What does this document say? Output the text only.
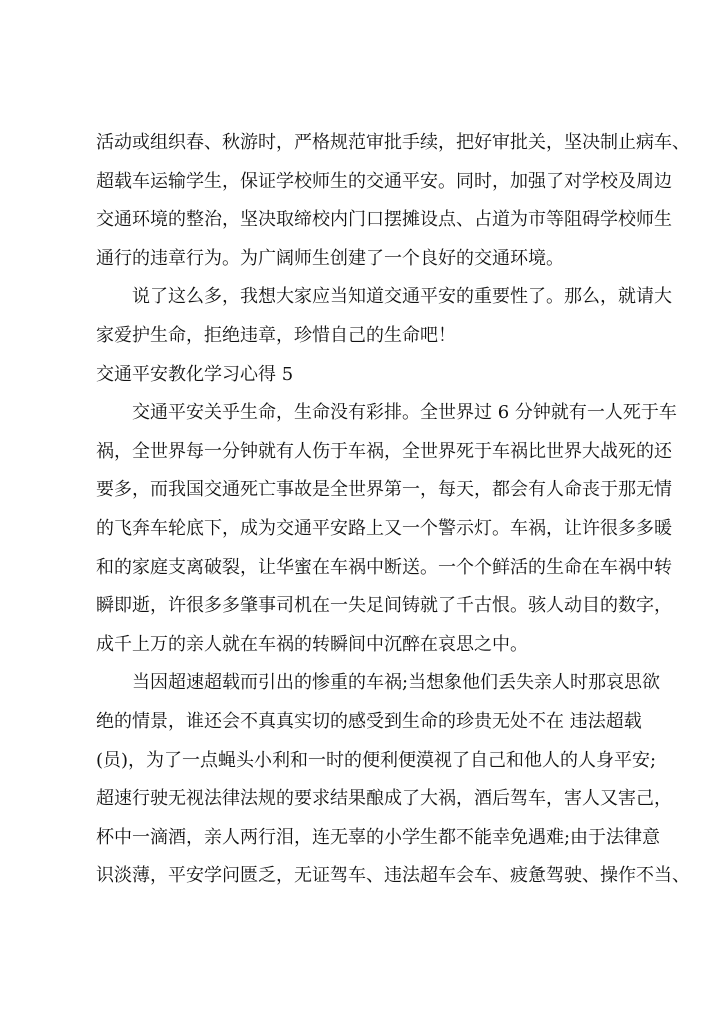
活动或组织春、秋游时，严格规范审批手续，把好审批关，坚决制止病车、
超载车运输学生，保证学校师生的交通平安。同时，加强了对学校及周边
交通环境的整治，坚决取缔校内门口摆摊设点、占道为市等阻碍学校师生
通行的违章行为。为广阔师生创建了一个良好的交通环境。
说了这么多，我想大家应当知道交通平安的重要性了。那么，就请大
家爱护生命，拒绝违章，珍惜自己的生命吧！
交通平安教化学习心得 5
交通平安关乎生命，生命没有彩排。全世界过 6 分钟就有一人死于车
祸，全世界每一分钟就有人伤于车祸，全世界死于车祸比世界大战死的还
要多，而我国交通死亡事故是全世界第一，每天，都会有人命丧于那无情
的飞奔车轮底下，成为交通平安路上又一个警示灯。车祸，让许很多多暖
和的家庭支离破裂，让华蜜在车祸中断送。一个个鲜活的生命在车祸中转
瞬即逝，许很多多肇事司机在一失足间铸就了千古恨。骇人动目的数字，
成千上万的亲人就在车祸的转瞬间中沉醉在哀思之中。
当因超速超载而引出的惨重的车祸;当想象他们丢失亲人时那哀思欲
绝的情景，谁还会不真真实切的感受到生命的珍贵无处不在 违法超载
(员)，为了一点蝇头小利和一时的便利便漠视了自己和他人的人身平安;
超速行驶无视法律法规的要求结果酿成了大祸，酒后驾车，害人又害己，
杯中一滴酒，亲人两行泪，连无辜的小学生都不能幸免遇难;由于法律意
识淡薄，平安学问匮乏，无证驾车、违法超车会车、疲惫驾驶、操作不当、
